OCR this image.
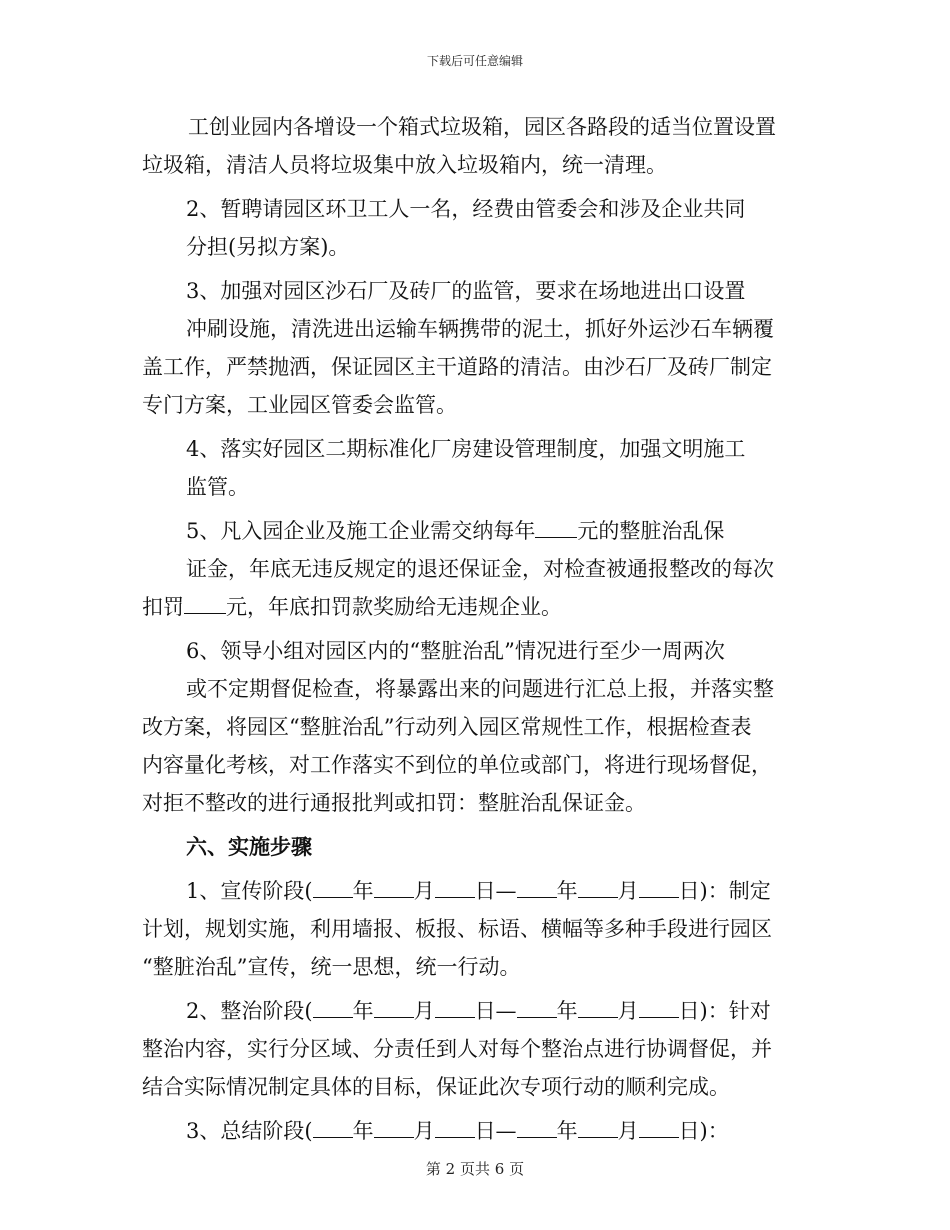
下载后可任意编辑
工创业园内各增设一个箱式垃圾箱，园区各路段的适当位置设置
垃圾箱，清洁人员将垃圾集中放入垃圾箱内，统一清理。
2、暂聘请园区环卫工人一名，经费由管委会和涉及企业共同
分担(另拟方案)。
3、加强对园区沙石厂及砖厂的监管，要求在场地进出口设置
冲刷设施，清洗进出运输车辆携带的泥土，抓好外运沙石车辆覆
盖工作，严禁抛洒，保证园区主干道路的清洁。由沙石厂及砖厂制定
专门方案，工业园区管委会监管。
4、落实好园区二期标准化厂房建设管理制度，加强文明施工
监管。
5、凡入园企业及施工企业需交纳每年 元的整脏治乱保
证金，年底无违反规定的退还保证金，对检查被通报整改的每次
扣罚 元，年底扣罚款奖励给无违规企业。
6、领导小组对园区内的“整脏治乱”情况进行至少一周两次
或不定期督促检查，将暴露出来的问题进行汇总上报，并落实整
改方案，将园区“整脏治乱”行动列入园区常规性工作，根据检查表
内容量化考核，对工作落实不到位的单位或部门，将进行现场督促，
对拒不整改的进行通报批判或扣罚：整脏治乱保证金。
六、实施步骤
1、宣传阶段( 年 月 日— 年 月 日)：制定
计划，规划实施，利用墙报、板报、标语、横幅等多种手段进行园区
“整脏治乱”宣传，统一思想，统一行动。
2、整治阶段( 年 月 日— 年 月 日)：针对
整治内容，实行分区域、分责任到人对每个整治点进行协调督促，并
结合实际情况制定具体的目标，保证此次专项行动的顺利完成。
3、总结阶段( 年 月 日— 年 月 日)：
第 2 页共 6 页
